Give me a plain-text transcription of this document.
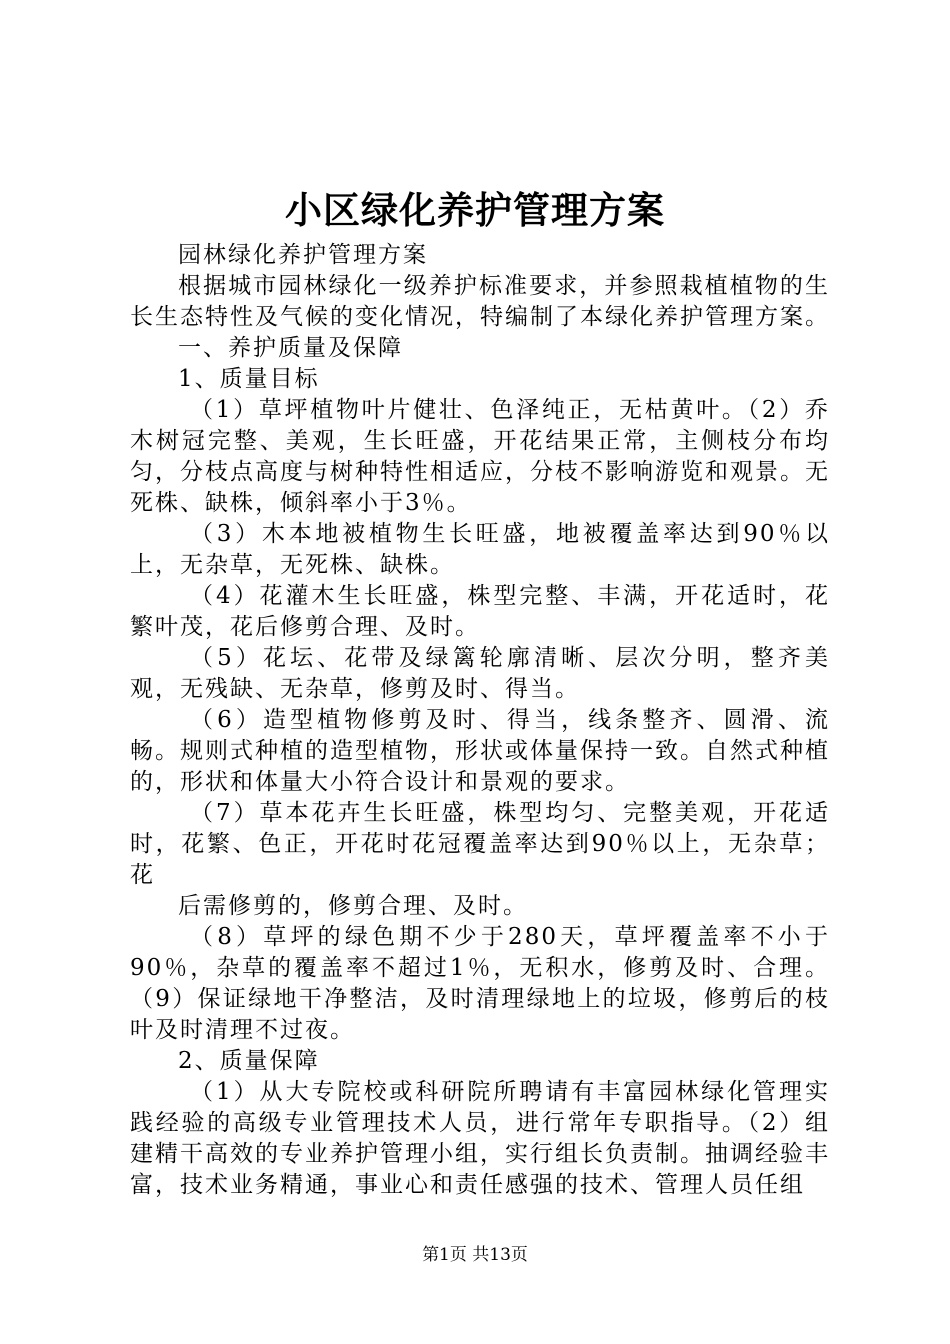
小区绿化养护管理方案

园林绿化养护管理方案

根据城市园林绿化一级养护标准要求，并参照栽植植物的生长生态特性及气候的变化情况，特编制了本绿化养护管理方案。

一、养护质量及保障

1、质量目标

（1）草坪植物叶片健壮、色泽纯正，无枯黄叶。（2）乔木树冠完整、美观，生长旺盛，开花结果正常，主侧枝分布均匀，分枝点高度与树种特性相适应，分枝不影响游览和观景。无死株、缺株，倾斜率小于3％。

（3）木本地被植物生长旺盛，地被覆盖率达到90％以上，无杂草，无死株、缺株。

（4）花灌木生长旺盛，株型完整、丰满，开花适时，花繁叶茂，花后修剪合理、及时。

（5）花坛、花带及绿篱轮廓清晰、层次分明，整齐美观，无残缺、无杂草，修剪及时、得当。

（6）造型植物修剪及时、得当，线条整齐、圆滑、流畅。规则式种植的造型植物，形状或体量保持一致。自然式种植的，形状和体量大小符合设计和景观的要求。

（7）草本花卉生长旺盛，株型均匀、完整美观，开花适时，花繁、色正，开花时花冠覆盖率达到90％以上，无杂草；花

后需修剪的，修剪合理、及时。

（8）草坪的绿色期不少于280天，草坪覆盖率不小于90％，杂草的覆盖率不超过1％，无积水，修剪及时、合理。（9）保证绿地干净整洁，及时清理绿地上的垃圾，修剪后的枝叶及时清理不过夜。

2、质量保障

（1）从大专院校或科研院所聘请有丰富园林绿化管理实践经验的高级专业管理技术人员，进行常年专职指导。（2）组建精干高效的专业养护管理小组，实行组长负责制。抽调经验丰富，技术业务精通，事业心和责任感强的技术、管理人员任组

第1页 共13页
